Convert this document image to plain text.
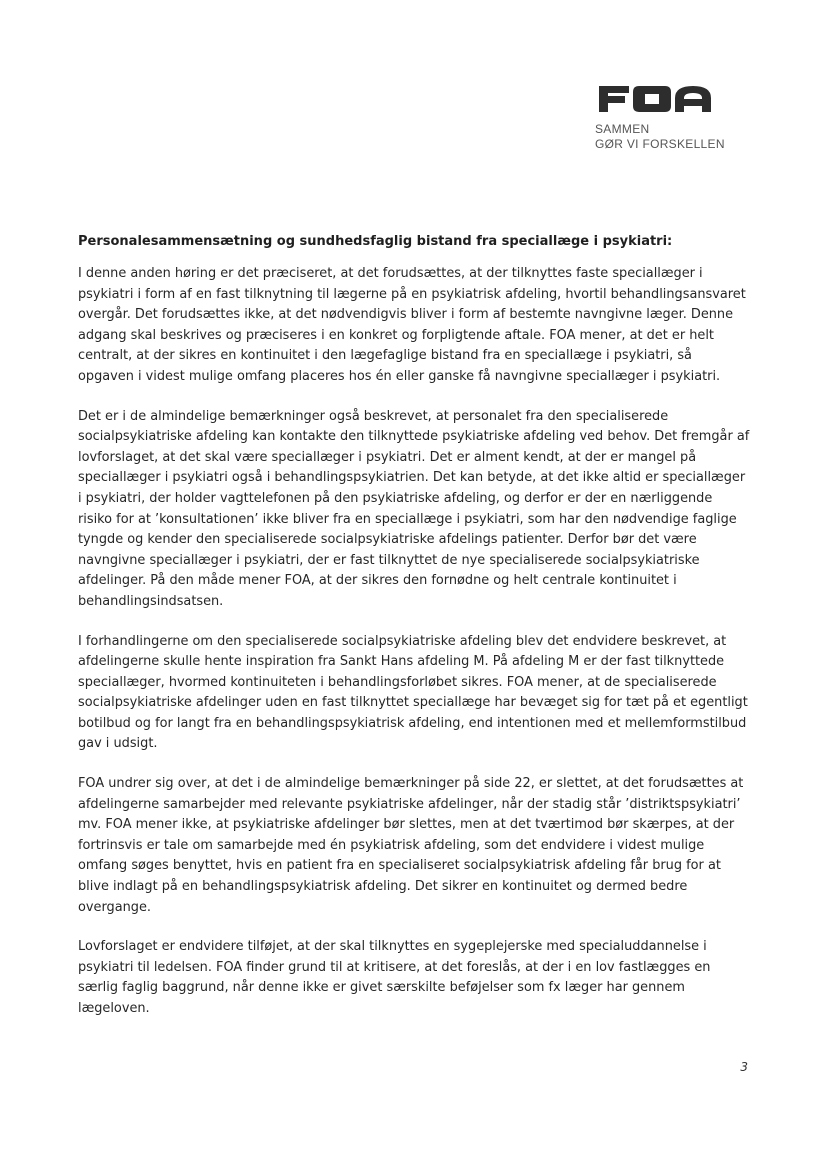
SAMMEN
GØR VI FORSKELLEN
Personalesammensætning og sundhedsfaglig bistand fra speciallæge i psykiatri:

I denne anden høring er det præciseret, at det forudsættes, at der tilknyttes faste speciallæger i psykiatri i form af en fast tilknytning til lægerne på en psykiatrisk afdeling, hvortil behandlingsansvaret overgår. Det forudsættes ikke, at det nødvendigvis bliver i form af bestemte navngivne læger. Denne adgang skal beskrives og præciseres i en konkret og forpligtende aftale. FOA mener, at det er helt centralt, at der sikres en kontinuitet i den lægefaglige bistand fra en speciallæge i psykiatri, så opgaven i videst mulige omfang placeres hos én eller ganske få navngivne speciallæger i psykiatri.

Det er i de almindelige bemærkninger også beskrevet, at personalet fra den specialiserede socialpsykiatriske afdeling kan kontakte den tilknyttede psykiatriske afdeling ved behov. Det fremgår af lovforslaget, at det skal være speciallæger i psykiatri. Det er alment kendt, at der er mangel på speciallæger i psykiatri også i behandlingspsykiatrien. Det kan betyde, at det ikke altid er speciallæger i psykiatri, der holder vagttelefonen på den psykiatriske afdeling, og derfor er der en nærliggende risiko for at ’konsultationen’ ikke bliver fra en speciallæge i psykiatri, som har den nødvendige faglige tyngde og kender den specialiserede socialpsykiatriske afdelings patienter. Derfor bør det være navngivne speciallæger i psykiatri, der er fast tilknyttet de nye specialiserede socialpsykiatriske afdelinger. På den måde mener FOA, at der sikres den fornødne og helt centrale kontinuitet i behandlingsindsatsen.

I forhandlingerne om den specialiserede socialpsykiatriske afdeling blev det endvidere beskrevet, at afdelingerne skulle hente inspiration fra Sankt Hans afdeling M. På afdeling M er der fast tilknyttede speciallæger, hvormed kontinuiteten i behandlingsforløbet sikres. FOA mener, at de specialiserede socialpsykiatriske afdelinger uden en fast tilknyttet speciallæge har bevæget sig for tæt på et egentligt botilbud og for langt fra en behandlingspsykiatrisk afdeling, end intentionen med et mellemformstilbud gav i udsigt.

FOA undrer sig over, at det i de almindelige bemærkninger på side 22, er slettet, at det forudsættes at afdelingerne samarbejder med relevante psykiatriske afdelinger, når der stadig står ’distriktspsykiatri’ mv. FOA mener ikke, at psykiatriske afdelinger bør slettes, men at det tværtimod bør skærpes, at der fortrinsvis er tale om samarbejde med én psykiatrisk afdeling, som det endvidere i videst mulige omfang søges benyttet, hvis en patient fra en specialiseret socialpsykiatrisk afdeling får brug for at blive indlagt på en behandlingspsykiatrisk afdeling. Det sikrer en kontinuitet og dermed bedre overgange.

Lovforslaget er endvidere tilføjet, at der skal tilknyttes en sygeplejerske med specialuddannelse i psykiatri til ledelsen. FOA finder grund til at kritisere, at det foreslås, at der i en lov fastlægges en særlig faglig baggrund, når denne ikke er givet særskilte beføjelser som fx læger har gennem lægeloven.

3
